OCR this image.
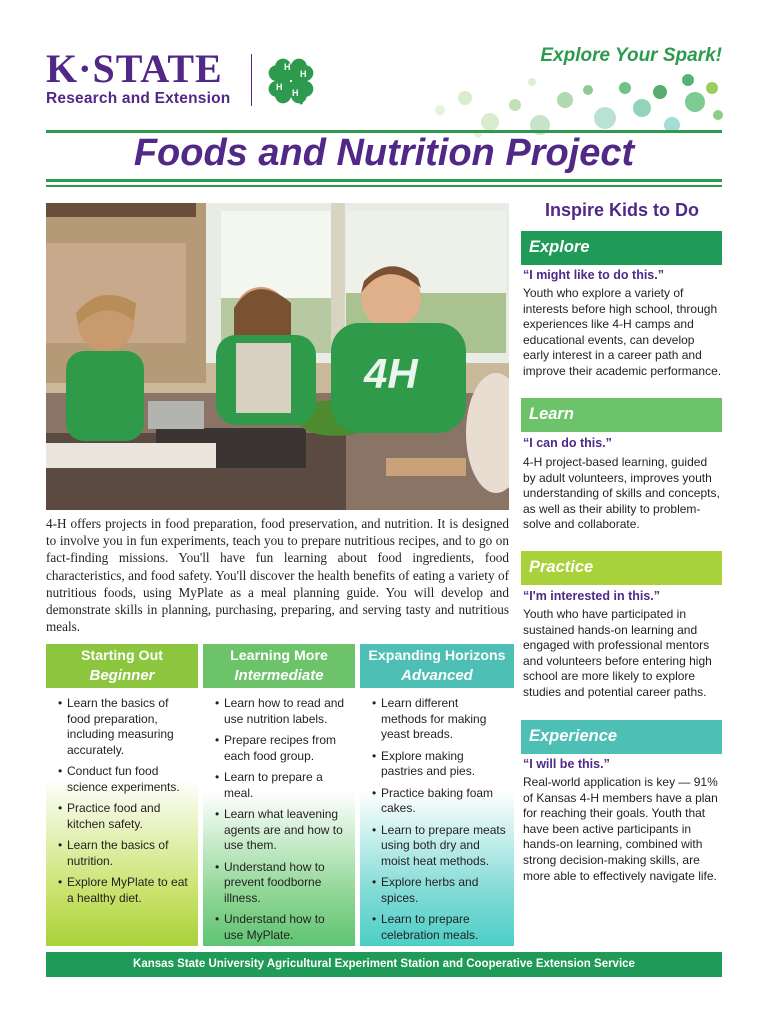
K·STATE
Research and Extension
H
H
H
H
Explore Your Spark!
Foods and Nutrition Project
4H
4-H offers projects in food preparation, food preservation, and nutrition. It is designed to involve you in fun experiments, teach you to prepare nutritious recipes, and to go on fact-finding missions. You'll have fun learning about food ingredients, food characteristics, and food safety. You'll discover the health benefits of eating a variety of nutritious foods, using MyPlate as a meal planning guide. You will develop and demonstrate skills in planning, purchasing, preparing, and serving tasty and nutritious meals.
Starting Out
Beginner
• Learn the basics of food preparation, including measuring accurately.
• Conduct fun food science experiments.
• Practice food and kitchen safety.
• Learn the basics of nutrition.
• Explore MyPlate to eat a healthy diet.
Learning More
Intermediate
• Learn how to read and use nutrition labels.
• Prepare recipes from each food group.
• Learn to prepare a meal.
• Learn what leavening agents are and how to use them.
• Understand how to prevent foodborne illness.
• Understand how to use MyPlate.
Expanding Horizons
Advanced
• Learn different methods for making yeast breads.
• Explore making pastries and pies.
• Practice baking foam cakes.
• Learn to prepare meats using both dry and moist heat methods.
• Explore herbs and spices.
• Learn to prepare celebration meals.
Inspire Kids to Do
Explore
“I might like to do this.”
Youth who explore a variety of interests before high school, through experiences like 4-H camps and educational events, can develop early interest in a career path and improve their academic performance.
Learn
“I can do this.”
4-H project-based learning, guided by adult volunteers, improves youth understanding of skills and concepts, as well as their ability to problem-solve and collaborate.
Practice
“I'm interested in this.”
Youth who have participated in sustained hands-on learning and engaged with professional mentors and volunteers before entering high school are more likely to explore studies and potential career paths.
Experience
“I will be this.”
Real-world application is key — 91% of Kansas 4-H members have a plan for reaching their goals. Youth that have been active participants in hands-on learning, combined with strong decision-making skills, are more able to effectively navigate life.
Kansas State University Agricultural Experiment Station and Cooperative Extension Service
